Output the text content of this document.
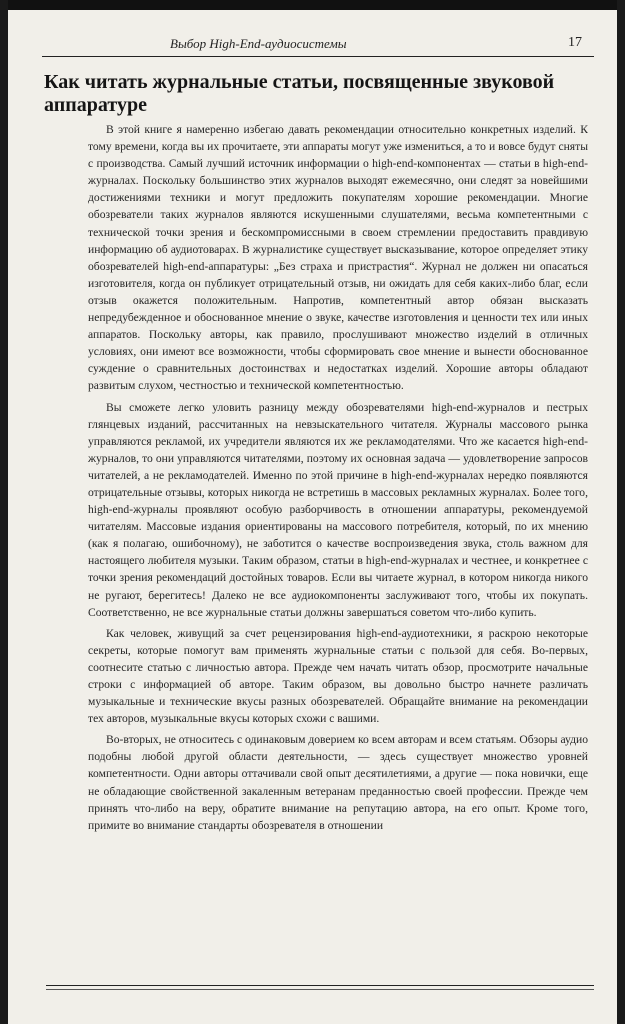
Выбор High-End-аудиосистемы	17
Как читать журнальные статьи, посвященные звуковой аппаратуре

В этой книге я намеренно избегаю давать рекомендации относительно конкретных изделий. К тому времени, когда вы их прочитаете, эти аппараты могут уже измениться, а то и вовсе будут сняты с производства. Самый лучший источник информации о high-end-компонентах — статьи в high-end-журналах. Поскольку большинство этих журналов выходят ежемесячно, они следят за новейшими достижениями техники и могут предложить покупателям хорошие рекомендации. Многие обозреватели таких журналов являются искушенными слушателями, весьма компетентными с технической точки зрения и бескомпромиссными в своем стремлении предоставить правдивую информацию об аудиотоварах. В журналистике существует высказывание, которое определяет этику обозревателей high-end-аппаратуры: „Без страха и пристрастия“. Журнал не должен ни опасаться изготовителя, когда он публикует отрицательный отзыв, ни ожидать для себя каких-либо благ, если отзыв окажется положительным. Напротив, компетентный автор обязан высказать непредубежденное и обоснованное мнение о звуке, качестве изготовления и ценности тех или иных аппаратов. Поскольку авторы, как правило, прослушивают множество изделий в отличных условиях, они имеют все возможности, чтобы сформировать свое мнение и вынести обоснованное суждение о сравнительных достоинствах и недостатках изделий. Хорошие авторы обладают развитым слухом, честностью и технической компетентностью.

Вы сможете легко уловить разницу между обозревателями high-end-журналов и пестрых глянцевых изданий, рассчитанных на невзыскательного читателя. Журналы массового рынка управляются рекламой, их учредители являются их же рекламодателями. Что же касается high-end-журналов, то они управляются читателями, поэтому их основная задача — удовлетворение запросов читателей, а не рекламодателей. Именно по этой причине в high-end-журналах нередко появляются отрицательные отзывы, которых никогда не встретишь в массовых рекламных журналах. Более того, high-end-журналы проявляют особую разборчивость в отношении аппаратуры, рекомендуемой читателям. Массовые издания ориентированы на массового потребителя, который, по их мнению (как я полагаю, ошибочному), не заботится о качестве воспроизведения звука, столь важном для настоящего любителя музыки. Таким образом, статьи в high-end-журналах и честнее, и конкретнее с точки зрения рекомендаций достойных товаров. Если вы читаете журнал, в котором никогда никого не ругают, берегитесь! Далеко не все аудиокомпоненты заслуживают того, чтобы их покупать. Соответственно, не все журнальные статьи должны завершаться советом что-либо купить.

Как человек, живущий за счет рецензирования high-end-аудиотехники, я раскрою некоторые секреты, которые помогут вам применять журнальные статьи с пользой для себя. Во-первых, соотнесите статью с личностью автора. Прежде чем начать читать обзор, просмотрите начальные строки с информацией об авторе. Таким образом, вы довольно быстро начнете различать музыкальные и технические вкусы разных обозревателей. Обращайте внимание на рекомендации тех авторов, музыкальные вкусы которых схожи с вашими.

Во-вторых, не относитесь с одинаковым доверием ко всем авторам и всем статьям. Обзоры аудио подобны любой другой области деятельности, — здесь существует множество уровней компетентности. Одни авторы оттачивали свой опыт десятилетиями, а другие — пока новички, еще не обладающие свойственной закаленным ветеранам преданностью своей профессии. Прежде чем принять что-либо на веру, обратите внимание на репутацию автора, на его опыт. Кроме того, примите во внимание стандарты обозревателя в отношении
